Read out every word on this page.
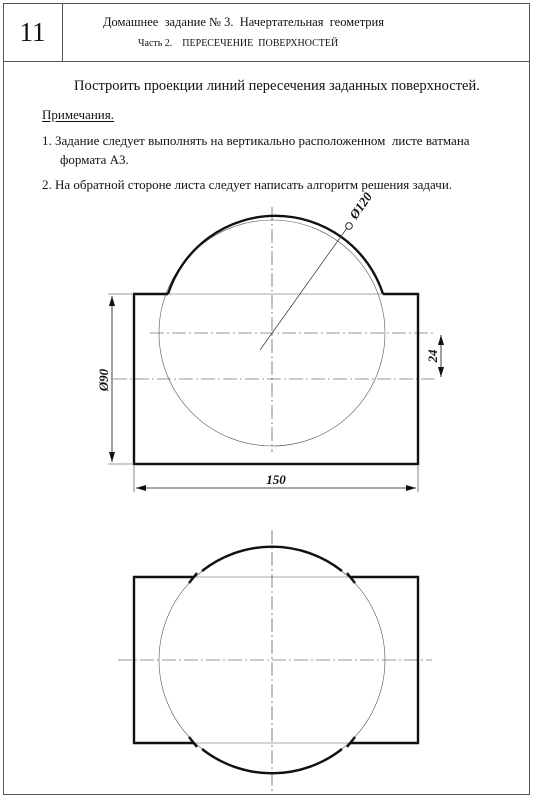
11	Домашнее  задание № 3.  Начертательная  геометрия
Часть 2.    ПЕРЕСЕЧЕНИЕ  ПОВЕРХНОСТЕЙ
Построить проекции линий пересечения заданных поверхностей.
Примечания.
1. Задание следует выполнять на вертикально расположенном  листе ватмана
формата А3.
2. На обратной стороне листа следует написать алгоритм решения задачи.
Ø120
Ø90
24
150
